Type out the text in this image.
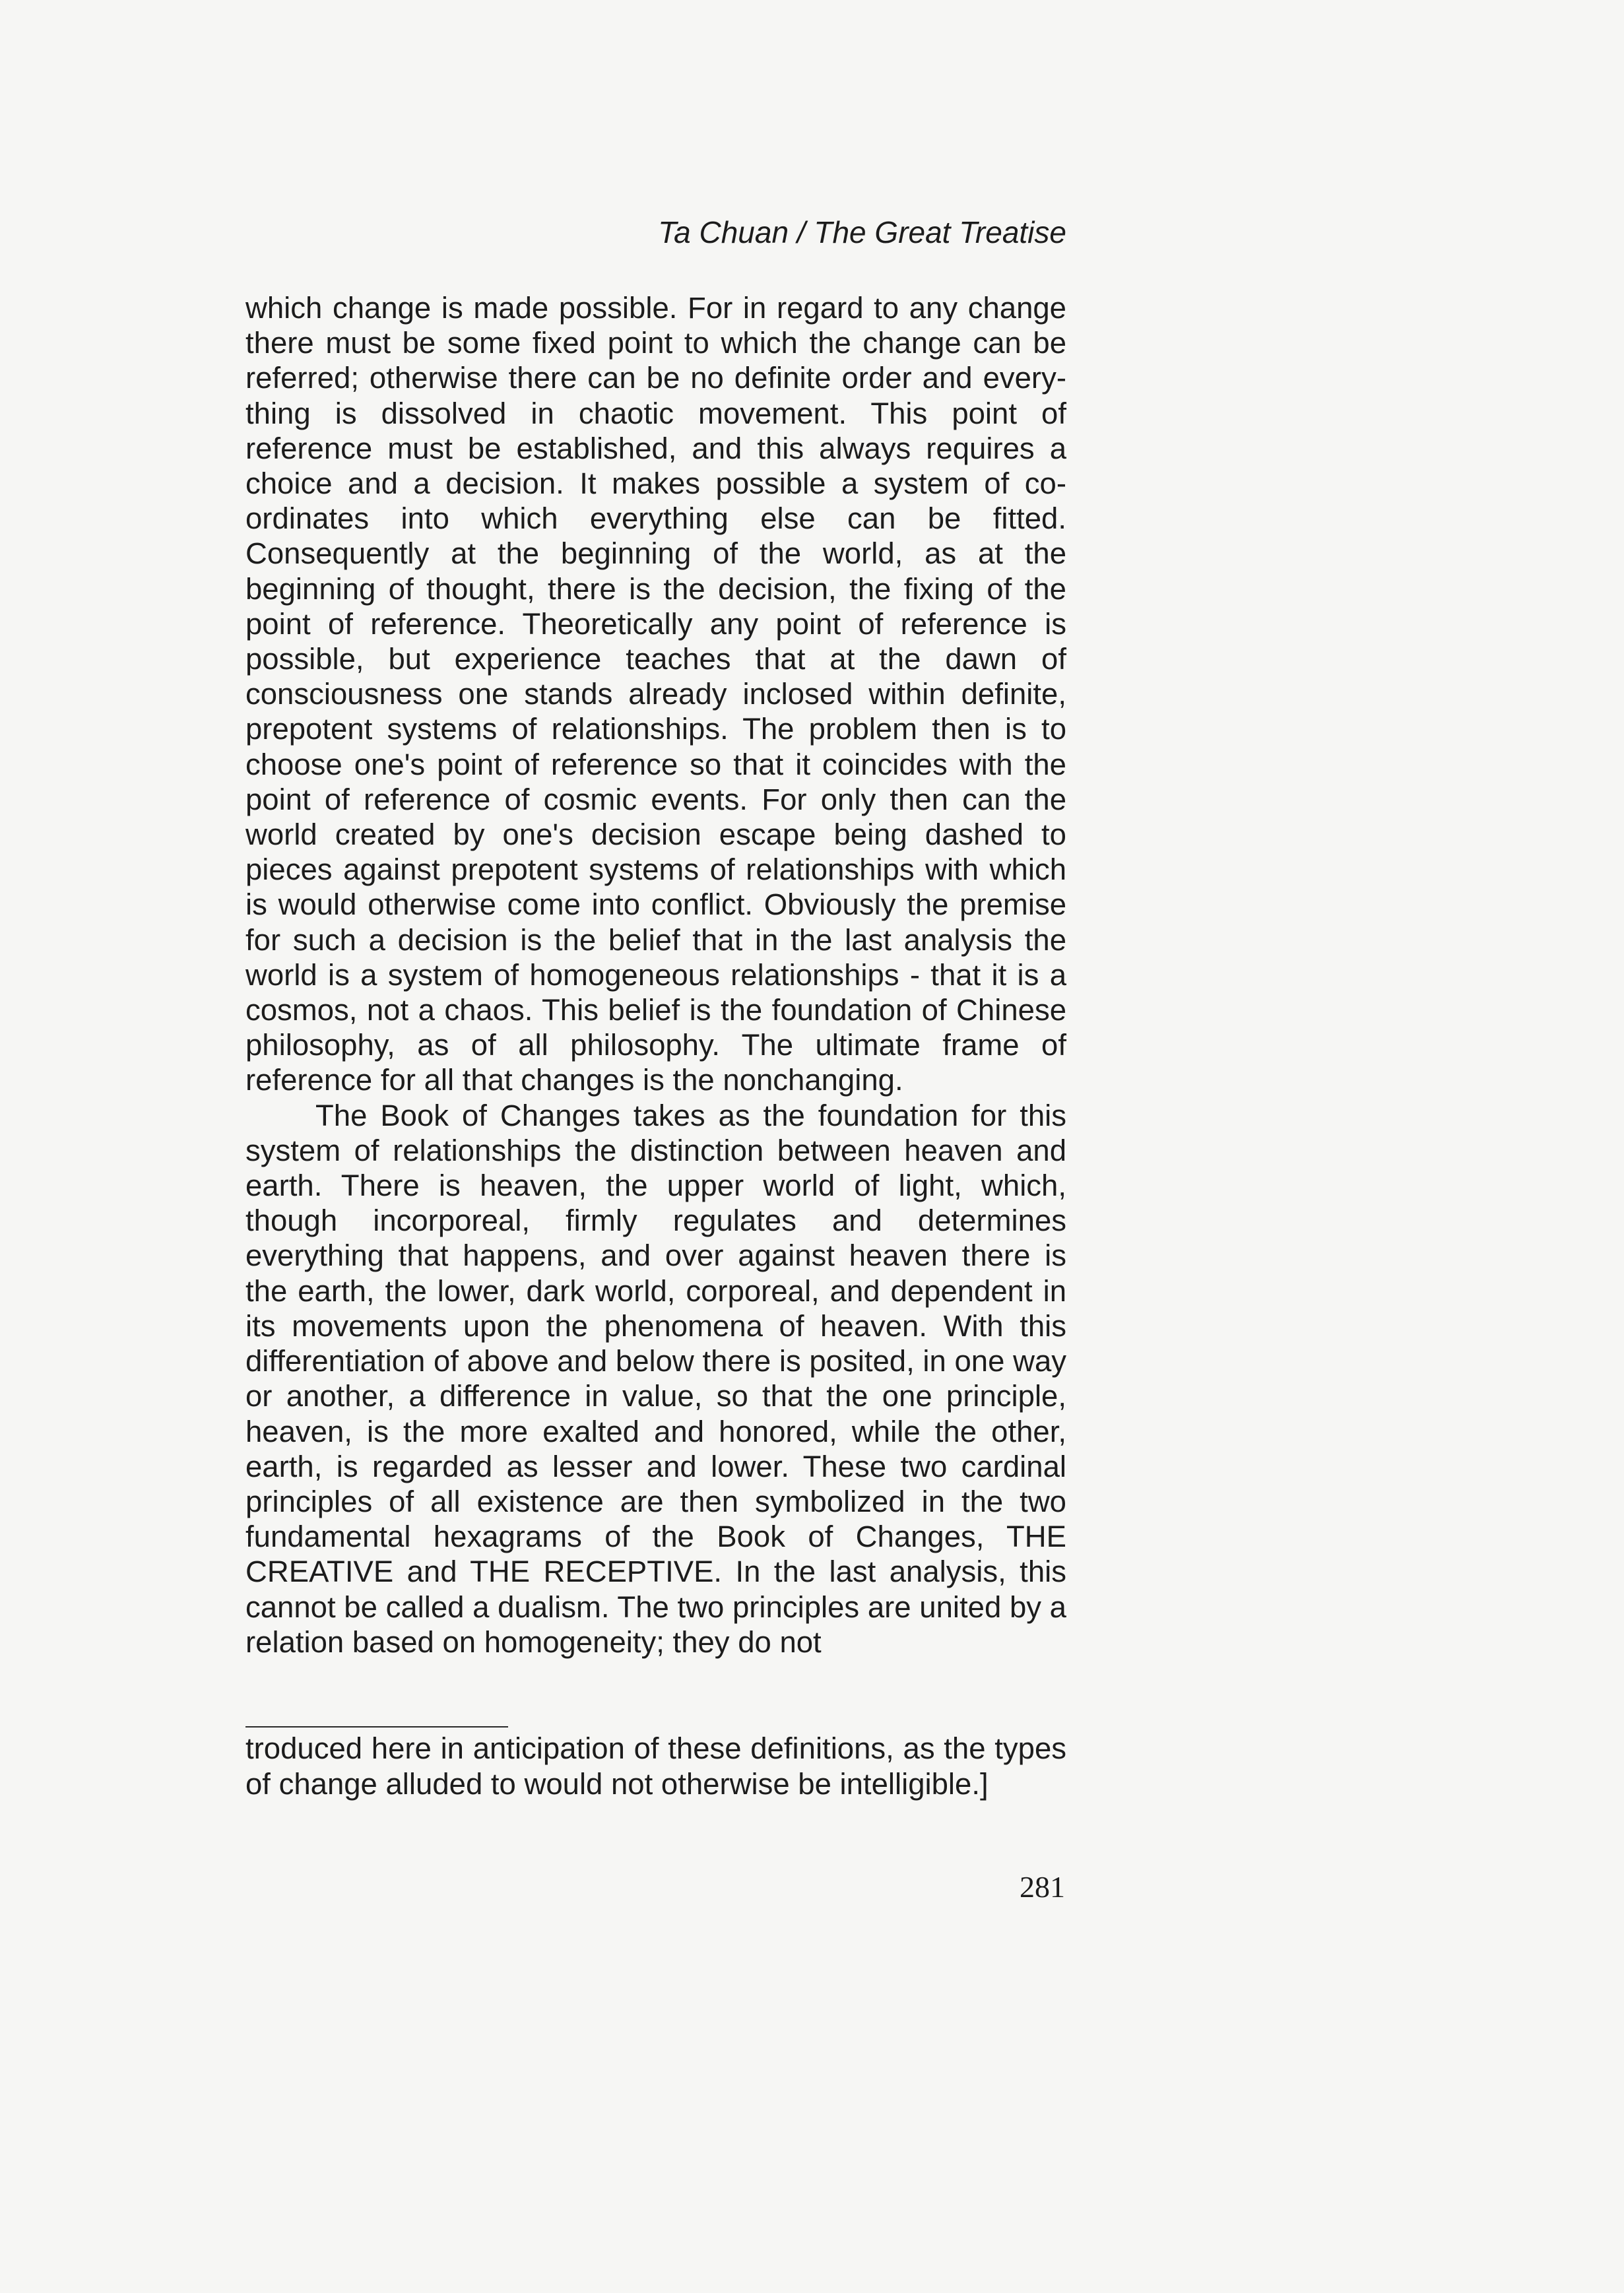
Ta Chuan / The Great Treatise

which change is made possible. For in regard to any change there must be some fixed point to which the change can be referred; otherwise there can be no definite order and everything is dissolved in chaotic movement. This point of reference must be established, and this always requires a choice and a decision. It makes possible a system of coordinates into which everything else can be fitted. Consequently at the beginning of the world, as at the beginning of thought, there is the decision, the fixing of the point of reference. Theoretically any point of reference is possible, but experience teaches that at the dawn of consciousness one stands already inclosed within definite, prepotent systems of relationships. The problem then is to choose one's point of reference so that it coincides with the point of reference of cosmic events. For only then can the world created by one's decision escape being dashed to pieces against prepotent systems of relationships with which is would otherwise come into conflict. Obviously the premise for such a decision is the belief that in the last analysis the world is a system of homogeneous relationships - that it is a cosmos, not a chaos. This belief is the foundation of Chinese philosophy, as of all philosophy. The ultimate frame of reference for all that changes is the nonchanging.

The Book of Changes takes as the foundation for this system of relationships the distinction between heaven and earth. There is heaven, the upper world of light, which, though incorporeal, firmly regulates and determines everything that happens, and over against heaven there is the earth, the lower, dark world, corporeal, and dependent in its movements upon the phenomena of heaven. With this differentiation of above and below there is posited, in one way or another, a difference in value, so that the one principle, heaven, is the more exalted and honored, while the other, earth, is regarded as lesser and lower. These two cardinal principles of all existence are then symbolized in the two fundamental hexagrams of the Book of Changes, THE CREATIVE and THE RECEPTIVE. In the last analysis, this cannot be called a dualism. The two principles are united by a relation based on homogeneity; they do not

troduced here in anticipation of these definitions, as the types of change alluded to would not otherwise be intelligible.]

281
